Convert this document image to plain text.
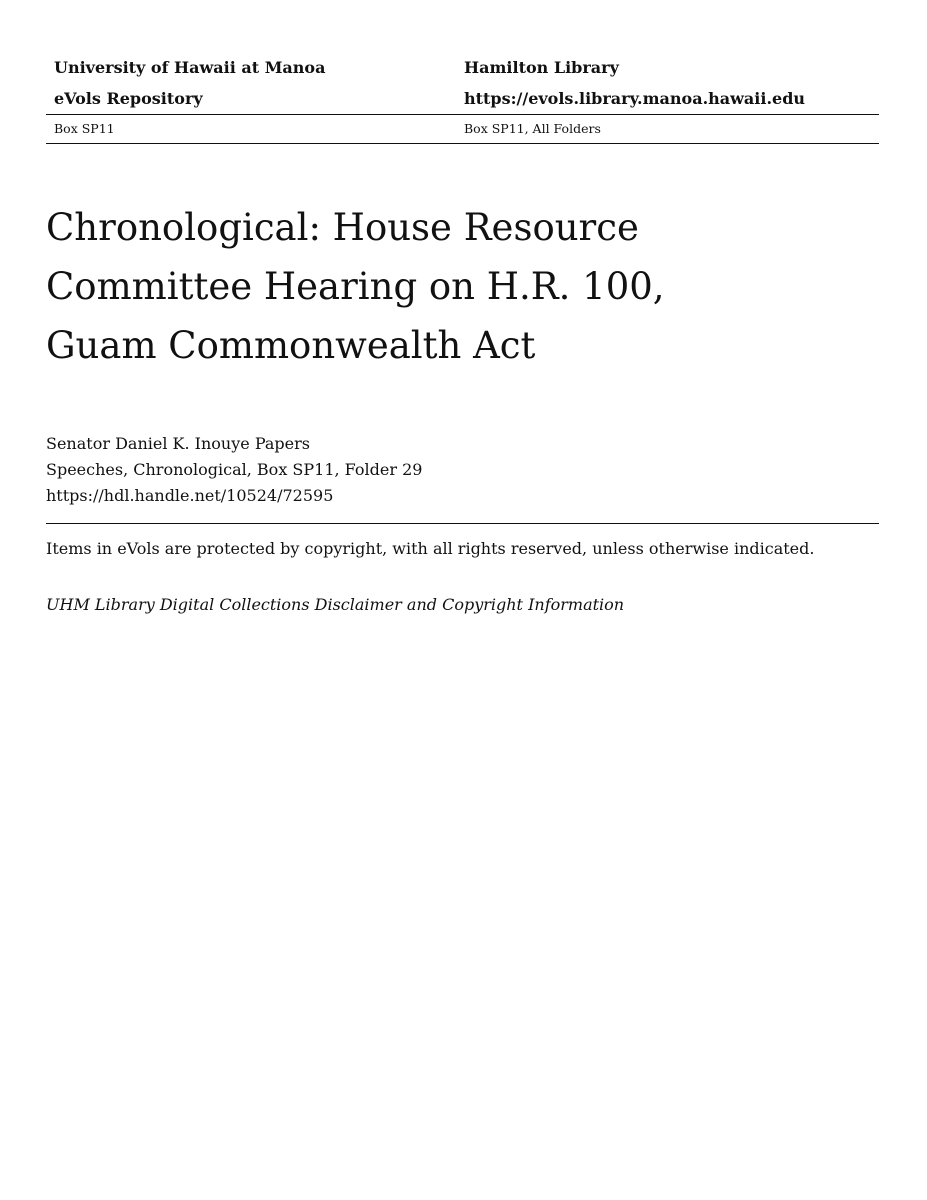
University of Hawaii at Manoa	Hamilton Library
eVols Repository	https://evols.library.manoa.hawaii.edu
Box SP11	Box SP11, All Folders
Chronological: House Resource Committee Hearing on H.R. 100, Guam Commonwealth Act
Senator Daniel K. Inouye Papers
Speeches, Chronological, Box SP11, Folder 29
https://hdl.handle.net/10524/72595
Items in eVols are protected by copyright, with all rights reserved, unless otherwise indicated.
UHM Library Digital Collections Disclaimer and Copyright Information
